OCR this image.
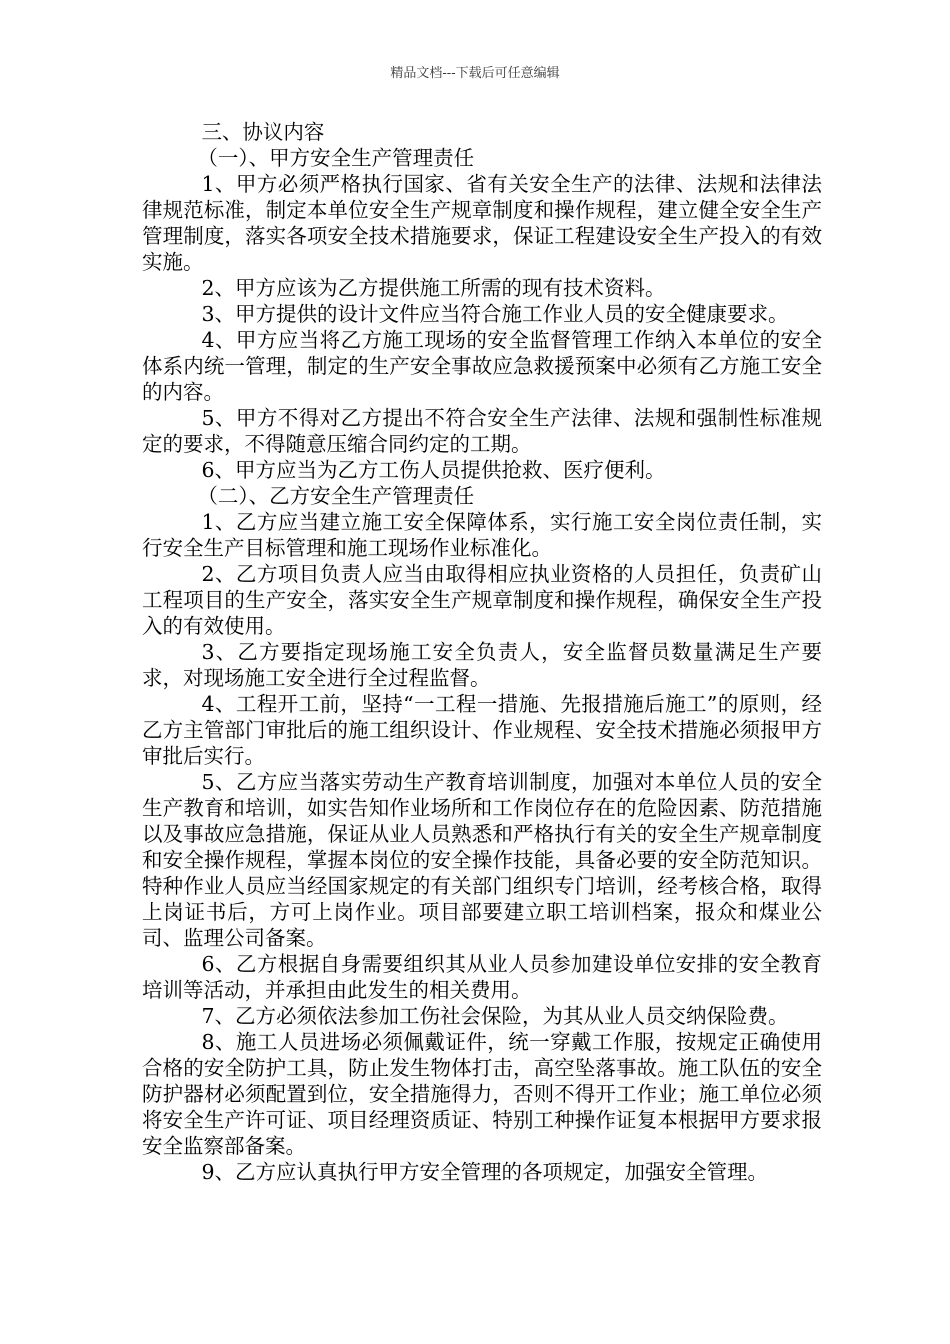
精品文档---下载后可任意编辑

三、协议内容

（一）、甲方安全生产管理责任

1、甲方必须严格执行国家、省有关安全生产的法律、法规和法律法律规范标准，制定本单位安全生产规章制度和操作规程，建立健全安全生产管理制度，落实各项安全技术措施要求，保证工程建设安全生产投入的有效实施。

2、甲方应该为乙方提供施工所需的现有技术资料。

3、甲方提供的设计文件应当符合施工作业人员的安全健康要求。

4、甲方应当将乙方施工现场的安全监督管理工作纳入本单位的安全体系内统一管理，制定的生产安全事故应急救援预案中必须有乙方施工安全的内容。

5、甲方不得对乙方提出不符合安全生产法律、法规和强制性标准规定的要求，不得随意压缩合同约定的工期。

6、甲方应当为乙方工伤人员提供抢救、医疗便利。

（二）、乙方安全生产管理责任

1、乙方应当建立施工安全保障体系，实行施工安全岗位责任制，实行安全生产目标管理和施工现场作业标准化。

2、乙方项目负责人应当由取得相应执业资格的人员担任，负责矿山工程项目的生产安全，落实安全生产规章制度和操作规程，确保安全生产投入的有效使用。

3、乙方要指定现场施工安全负责人，安全监督员数量满足生产要求，对现场施工安全进行全过程监督。

4、工程开工前，坚持“一工程一措施、先报措施后施工”的原则，经乙方主管部门审批后的施工组织设计、作业规程、安全技术措施必须报甲方审批后实行。

5、乙方应当落实劳动生产教育培训制度，加强对本单位人员的安全生产教育和培训，如实告知作业场所和工作岗位存在的危险因素、防范措施以及事故应急措施，保证从业人员熟悉和严格执行有关的安全生产规章制度和安全操作规程，掌握本岗位的安全操作技能，具备必要的安全防范知识。特种作业人员应当经国家规定的有关部门组织专门培训，经考核合格，取得上岗证书后，方可上岗作业。项目部要建立职工培训档案，报众和煤业公司、监理公司备案。

6、乙方根据自身需要组织其从业人员参加建设单位安排的安全教育培训等活动，并承担由此发生的相关费用。

7、乙方必须依法参加工伤社会保险，为其从业人员交纳保险费。

8、施工人员进场必须佩戴证件，统一穿戴工作服，按规定正确使用合格的安全防护工具，防止发生物体打击，高空坠落事故。施工队伍的安全防护器材必须配置到位，安全措施得力，否则不得开工作业；施工单位必须将安全生产许可证、项目经理资质证、特别工种操作证复本根据甲方要求报安全监察部备案。

9、乙方应认真执行甲方安全管理的各项规定，加强安全管理。
